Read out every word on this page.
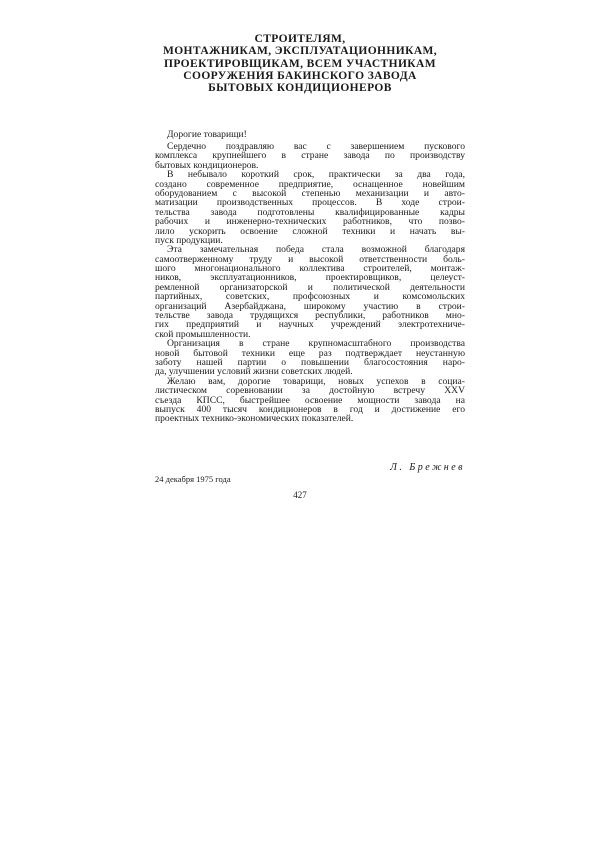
СТРОИТЕЛЯМ,
МОНТАЖНИКАМ, ЭКСПЛУАТАЦИОННИКАМ,
ПРОЕКТИРОВЩИКАМ, ВСЕМ УЧАСТНИКАМ
СООРУЖЕНИЯ БАКИНСКОГО ЗАВОДА
БЫТОВЫХ КОНДИЦИОНЕРОВ
Дорогие товарищи!
Сердечно поздравляю вас с завершением пускового
комплекса крупнейшего в стране завода по производству
бытовых кондиционеров.
В небывало короткий срок, практически за два года,
создано современное предприятие, оснащенное новейшим
оборудованием с высокой степенью механизации и авто-
матизации производственных процессов. В ходе строи-
тельства завода подготовлены квалифицированные кадры
рабочих и инженерно-технических работников, что позво-
лило ускорить освоение сложной техники и начать вы-
пуск продукции.
Эта замечательная победа стала возможной благодаря
самоотверженному труду и высокой ответственности боль-
шого многонационального коллектива строителей, монтаж-
ников, эксплуатационников, проектировщиков, целеуст-
ремленной организаторской и политической деятельности
партийных, советских, профсоюзных и комсомольских
организаций Азербайджана, широкому участию в строи-
тельстве завода трудящихся республики, работников мно-
гих предприятий и научных учреждений электротехниче-
ской промышленности.
Организация в стране крупномасштабного производства
новой бытовой техники еще раз подтверждает неустанную
заботу нашей партии о повышении благосостояния наро-
да, улучшении условий жизни советских людей.
Желаю вам, дорогие товарищи, новых успехов в социа-
листическом соревновании за достойную встречу XXV
съезда КПСС, быстрейшее освоение мощности завода на
выпуск 400 тысяч кондиционеров в год и достижение его
проектных технико-экономических показателей.
Л. Брежнев
24 декабря 1975 года
427
